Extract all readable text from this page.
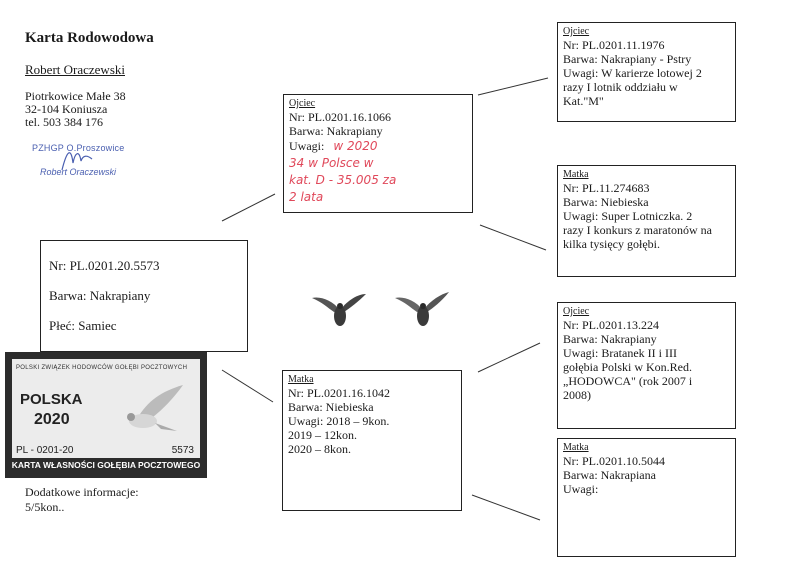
Karta Rodowodowa
Robert Oraczewski
Piotrkowice Małe 38
32-104 Koniusza
tel. 503 384 176
PZHGP O.Proszowice
Robert Oraczewski
Nr: PL.0201.20.5573
Barwa: Nakrapiany
Płeć: Samiec
Ojciec
Nr: PL.0201.16.1066
Barwa: Nakrapiany
Uwagi: w 2020
34 w Polsce w
kat. D - 35.005 za
2 lata
Matka
Nr: PL.0201.16.1042
Barwa: Niebieska
Uwagi: 2018 – 9kon.
2019 – 12kon.
2020 – 8kon.
Ojciec
Nr: PL.0201.11.1976
Barwa: Nakrapiany - Pstry
Uwagi: W karierze lotowej 2
razy I lotnik oddziału w
Kat."M"
Matka
Nr: PL.11.274683
Barwa: Niebieska
Uwagi: Super Lotniczka. 2
razy I konkurs z maratonów na
kilka tysięcy gołębi.
Ojciec
Nr: PL.0201.13.224
Barwa: Nakrapiany
Uwagi: Bratanek II i III
gołębia Polski w Kon.Red.
„HODOWCA" (rok 2007 i
2008)
Matka
Nr: PL.0201.10.5044
Barwa: Nakrapiana
Uwagi:
POLSKI ZWIĄZEK HODOWCÓW GOŁĘBI POCZTOWYCH
POLSKA
2020
PL - 0201-20	5573
KARTA WŁASNOŚCI GOŁĘBIA POCZTOWEGO
Dodatkowe informacje:
5/5kon..
